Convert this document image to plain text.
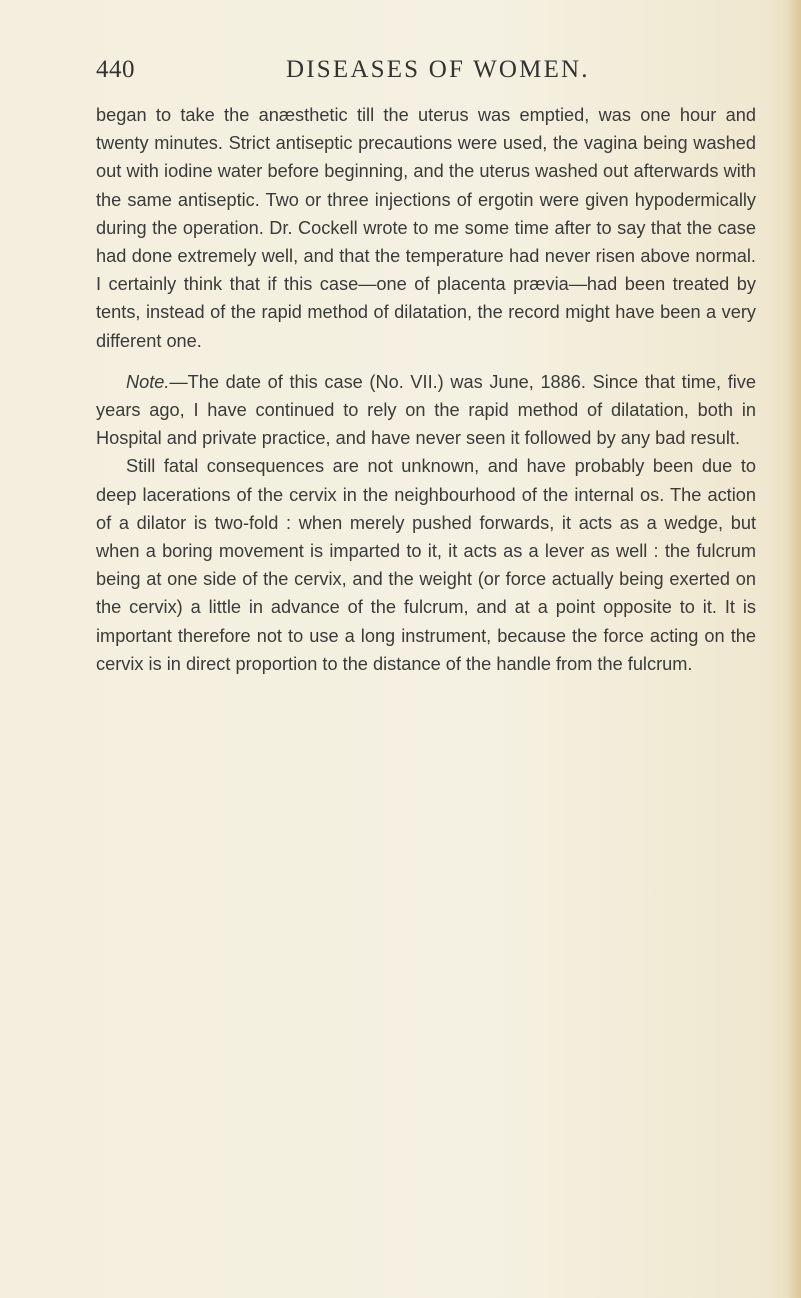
440	DISEASES OF WOMEN.

began to take the anæsthetic till the uterus was emptied, was one hour and twenty minutes. Strict antiseptic precautions were used, the vagina being washed out with iodine water before beginning, and the uterus washed out afterwards with the same antiseptic. Two or three injections of ergotin were given hypodermically during the operation. Dr. Cockell wrote to me some time after to say that the case had done extremely well, and that the temperature had never risen above normal. I certainly think that if this case—one of placenta prævia—had been treated by tents, instead of the rapid method of dilatation, the record might have been a very different one.

Note.—The date of this case (No. VII.) was June, 1886. Since that time, five years ago, I have continued to rely on the rapid method of dilatation, both in Hospital and private practice, and have never seen it followed by any bad result.

Still fatal consequences are not unknown, and have probably been due to deep lacerations of the cervix in the neighbourhood of the internal os. The action of a dilator is two-fold : when merely pushed forwards, it acts as a wedge, but when a boring movement is imparted to it, it acts as a lever as well : the fulcrum being at one side of the cervix, and the weight (or force actually being exerted on the cervix) a little in advance of the fulcrum, and at a point opposite to it. It is important therefore not to use a long instrument, because the force acting on the cervix is in direct proportion to the distance of the handle from the fulcrum.
